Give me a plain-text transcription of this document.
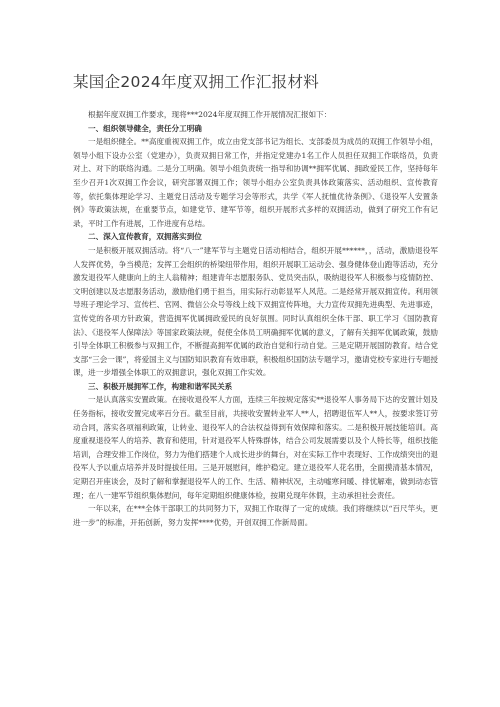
某国企2024年度双拥工作汇报材料

根据年度双拥工作要求，现将***2024年度双拥工作开展情况汇报如下：

一、组织领导健全，责任分工明确

一是组织健全。**高度重视双拥工作，成立由党支部书记为组长、支部委员为成员的双拥工作领导小组，领导小组下设办公室（党建办），负责双拥日常工作，并指定党建办1名工作人员担任双拥工作联络员，负责对上、对下的联络沟通。二是分工明确。领导小组负责统一指导和协调**拥军优属、拥政爱民工作，坚持每年至少召开1次双拥工作会议，研究部署双拥工作；领导小组办公室负责具体政策落实、活动组织、宣传教育等，依托集体理论学习、主题党日活动及专题学习会等形式，共学《军人抚恤优待条例》、《退役军人安置条例》等政策法规，在重要节点，如建党节、建军节等，组织开展形式多样的双拥活动，做到了研究工作有记录，平时工作有进展，工作进度有总结。

二、深入宣传教育，双拥落实到位

一是积极开展双拥活动。将“八一”建军节与主题党日活动相结合，组织开展******，，活动，激励退役军人发挥优势，争当模范；发挥工会组织的桥梁纽带作用，组织开展职工运动会、强身健体登山跑等活动，充分激发退役军人健康向上的主人翁精神；组建青年志愿服务队、党员突击队，吸纳退役军人积极参与疫情防控、文明创建以及志愿服务活动，激励他们勇于担当，用实际行动彰显军人风范。二是经常开展双拥宣传。利用领导班子理论学习、宣传栏、官网、微信公众号等线上线下双拥宣传阵地，大力宣传双拥先进典型、先进事迹，宣传党的各项方针政策，营造拥军优属拥政爱民的良好氛围。同时认真组织全体干部、职工学习《国防教育法》、《退役军人保障法》等国家政策法规，促使全体员工明确拥军优属的意义，了解有关拥军优属政策，鼓励引导全体职工积极参与双拥工作，不断提高拥军优属的政治自觉和行动自觉。三是定期开展国防教育。结合党支部“三会一课”，将爱国主义与国防知识教育有效串联，积极组织国防法专题学习，邀请党校专家进行专题授课，进一步增强全体职工的双拥意识，强化双拥工作实效。

三、积极开展拥军工作，构建和谐军民关系

一是认真落实安置政策。在接收退役军人方面，连续三年按规定落实**退役军人事务局下达的安置计划及任务指标，接收安置完成率百分百。截至目前，共接收安置转业军人**人，招聘退伍军人**人，按要求签订劳动合同，落实各项福利政策，让转业、退役军人的合法权益得到有效保障和落实。二是积极开展技能培训。高度重视退役军人的培养、教育和使用，针对退役军人特殊群体，结合公司发展需要以及个人特长等，组织技能培训，合理安排工作岗位，努力为他们搭建个人成长进步的舞台，对在实际工作中表现好、工作成绩突出的退役军人予以重点培养并及时提拔任用。三是开展慰问，维护稳定。建立退役军人花名册，全面摸清基本情况，定期召开座谈会，及时了解和掌握退役军人的工作、生活、精神状况，主动嘘寒问暖、排忧解难，做到动态管理；在八一建军节组织集体慰问，每年定期组织健康体检，按期兑现年休假，主动承担社会责任。

一年以来，在***全体干部职工的共同努力下，双拥工作取得了一定的成绩。我们将继续以“百尺竿头，更进一步”的标准，开拓创新，努力发挥****优势，开创双拥工作新局面。
